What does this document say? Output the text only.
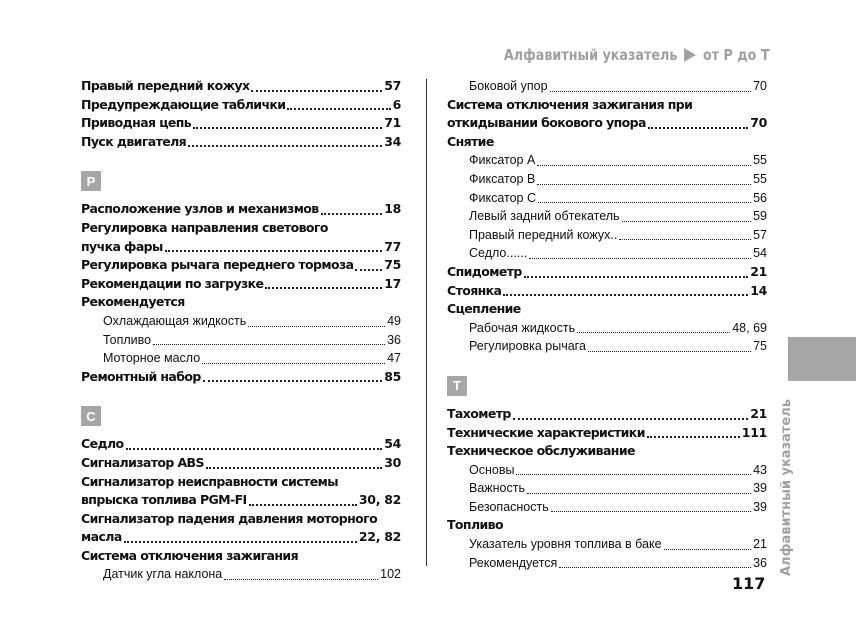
Алфавитный указатель от Р до Т
Правый передний кожух	57
Предупреждающие таблички	6
Приводная цепь	71
Пуск двигателя	34
Р
Расположение узлов и механизмов	18
Регулировка направления светового
пучка фары	77
Регулировка рычага переднего тормоза 75
Рекомендации по загрузке	17
Рекомендуется
Охлаждающая жидкость	49
Топливо	36
Моторное масло	47
Ремонтный набор	85
С
Седло	54
Сигнализатор ABS	30
Сигнализатор неисправности системы
впрыска топлива PGM-FI	30, 82
Сигнализатор падения давления моторного
масла	22, 82
Система отключения зажигания
Датчик угла наклона	102
Боковой упор	70
Система отключения зажигания при
откидывании бокового упора	70
Снятие
Фиксатор A	55
Фиксатор B	55
Фиксатор C	56
Левый задний обтекатель	59
Правый передний кожух..	57
Седло......	54
Спидометр	21
Стоянка	14
Сцепление
Рабочая жидкость	48, 69
Регулировка рычага	75
Т
Тахометр	21
Технические характеристики	111
Техническое обслуживание
Основы	43
Важность	39
Безопасность	39
Топливо
Указатель уровня топлива в баке	21
Рекомендуется	36 Алфавитный указатель
117
